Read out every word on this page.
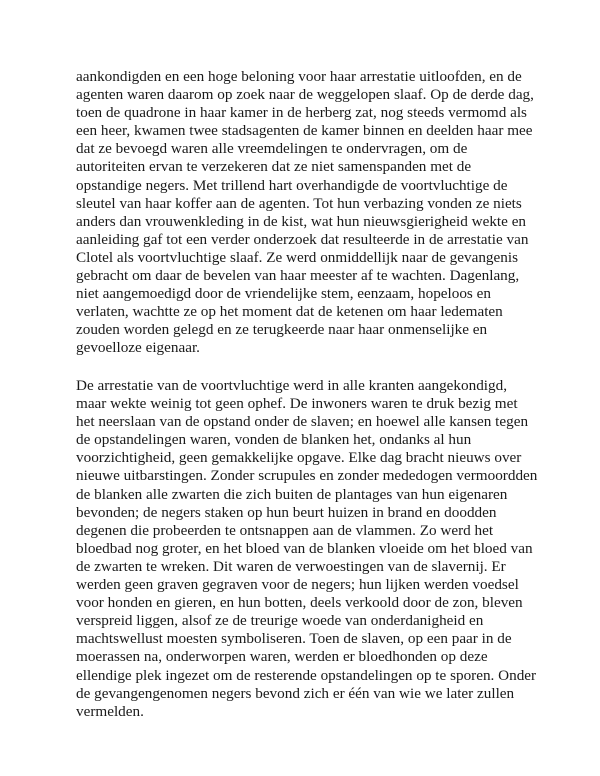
aankondigden en een hoge beloning voor haar arrestatie uitloofden, en de
agenten waren daarom op zoek naar de weggelopen slaaf. Op de derde dag,
toen de quadrone in haar kamer in de herberg zat, nog steeds vermomd als
een heer, kwamen twee stadsagenten de kamer binnen en deelden haar mee
dat ze bevoegd waren alle vreemdelingen te ondervragen, om de
autoriteiten ervan te verzekeren dat ze niet samenspanden met de
opstandige negers. Met trillend hart overhandigde de voortvluchtige de
sleutel van haar koffer aan de agenten. Tot hun verbazing vonden ze niets
anders dan vrouwenkleding in de kist, wat hun nieuwsgierigheid wekte en
aanleiding gaf tot een verder onderzoek dat resulteerde in de arrestatie van
Clotel als voortvluchtige slaaf. Ze werd onmiddellijk naar de gevangenis
gebracht om daar de bevelen van haar meester af te wachten. Dagenlang,
niet aangemoedigd door de vriendelijke stem, eenzaam, hopeloos en
verlaten, wachtte ze op het moment dat de ketenen om haar ledematen
zouden worden gelegd en ze terugkeerde naar haar onmenselijke en
gevoelloze eigenaar.
De arrestatie van de voortvluchtige werd in alle kranten aangekondigd,
maar wekte weinig tot geen ophef. De inwoners waren te druk bezig met
het neerslaan van de opstand onder de slaven; en hoewel alle kansen tegen
de opstandelingen waren, vonden de blanken het, ondanks al hun
voorzichtigheid, geen gemakkelijke opgave. Elke dag bracht nieuws over
nieuwe uitbarstingen. Zonder scrupules en zonder mededogen vermoordden
de blanken alle zwarten die zich buiten de plantages van hun eigenaren
bevonden; de negers staken op hun beurt huizen in brand en doodden
degenen die probeerden te ontsnappen aan de vlammen. Zo werd het
bloedbad nog groter, en het bloed van de blanken vloeide om het bloed van
de zwarten te wreken. Dit waren de verwoestingen van de slavernij. Er
werden geen graven gegraven voor de negers; hun lijken werden voedsel
voor honden en gieren, en hun botten, deels verkoold door de zon, bleven
verspreid liggen, alsof ze de treurige woede van onderdanigheid en
machtswellust moesten symboliseren. Toen de slaven, op een paar in de
moerassen na, onderworpen waren, werden er bloedhonden op deze
ellendige plek ingezet om de resterende opstandelingen op te sporen. Onder
de gevangengenomen negers bevond zich er één van wie we later zullen
vermelden.
